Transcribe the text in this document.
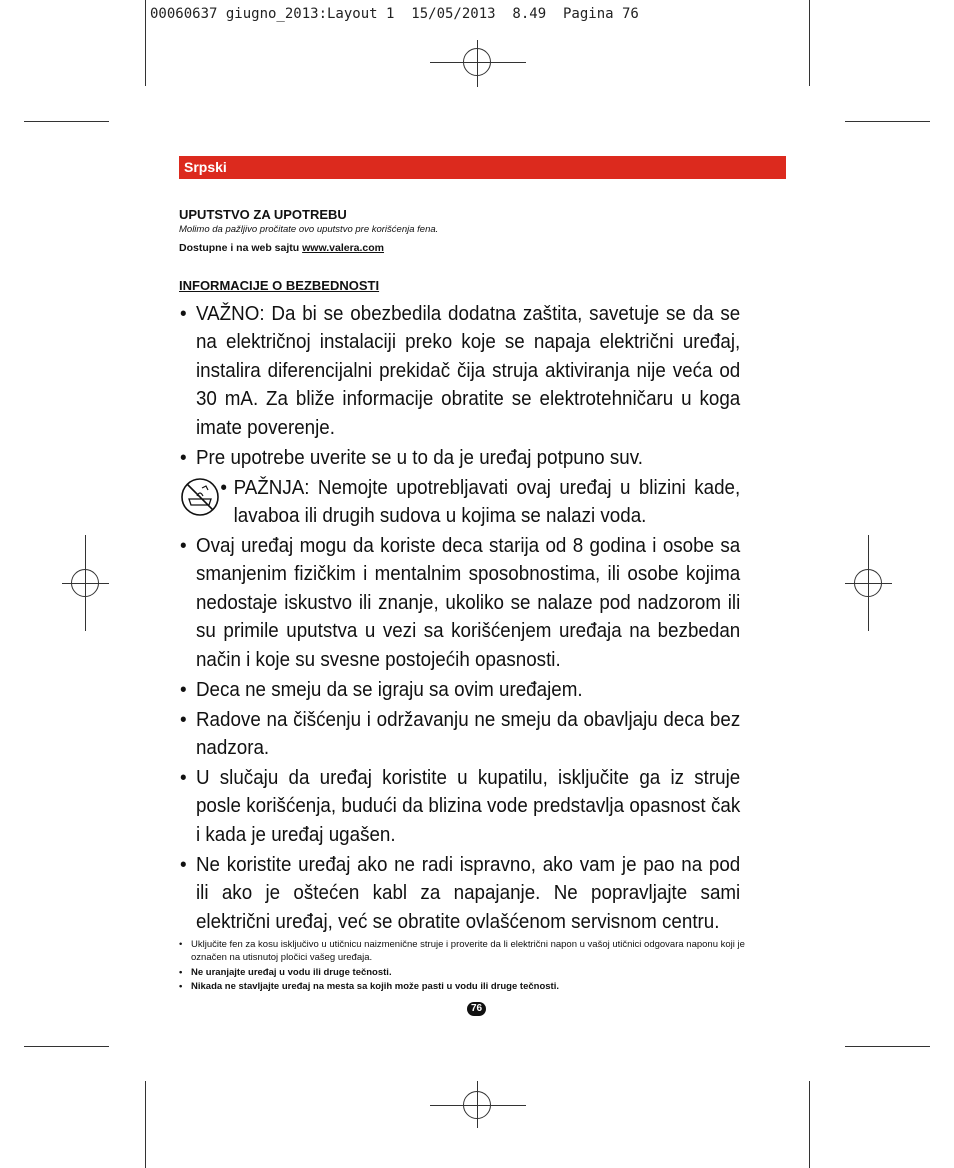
00060637 giugno_2013:Layout 1  15/05/2013  8.49  Pagina 76
Srpski
UPUTSTVO ZA UPOTREBU
Molimo da pažljivo pročitate ovo uputstvo pre korišćenja fena.
Dostupne i na web sajtu www.valera.com
INFORMACIJE O BEZBEDNOSTI

• VAŽNO: Da bi se obezbedila dodatna zaštita, savetuje se da se na električnoj instalaciji preko koje se napaja električni uređaj, instalira diferencijalni prekidač čija struja aktiviranja nije veća od 30 mA. Za bliže informacije obratite se elektrotehničaru u koga imate poverenje.

• Pre upotrebe uverite se u to da je uređaj potpuno suv.

• PAŽNJA: Nemojte upotrebljavati ovaj uređaj u blizini kade, lavaboa ili drugih sudova u kojima se nalazi voda.

• Ovaj uređaj mogu da koriste deca starija od 8 godina i osobe sa smanjenim fizičkim i mentalnim sposobnostima, ili osobe kojima nedostaje iskustvo ili znanje, ukoliko se nalaze pod nadzorom ili su primile uputstva u vezi sa korišćenjem uređaja na bezbedan način i koje su svesne postojećih opasnosti.

• Deca ne smeju da se igraju sa ovim uređajem.

• Radove na čišćenju i održavanju ne smeju da obavljaju deca bez nadzora.

• U slučaju da uređaj koristite u kupatilu, isključite ga iz struje posle korišćenja, budući da blizina vode predstavlja opasnost čak i kada je uređaj ugašen.

• Ne koristite uređaj ako ne radi ispravno, ako vam je pao na pod ili ako je oštećen kabl za napajanje. Ne popravljajte sami električni uređaj, već se obratite ovlašćenom servisnom centru.

• Uključite fen za kosu isključivo u utičnicu naizmenične struje i proverite da li električni napon u vašoj utičnici odgovara naponu koji je označen na utisnutoj pločici vašeg uređaja.
• Ne uranjajte uređaj u vodu ili druge tečnosti.
• Nikada ne stavljajte uređaj na mesta sa kojih može pasti u vodu ili druge tečnosti.
76
